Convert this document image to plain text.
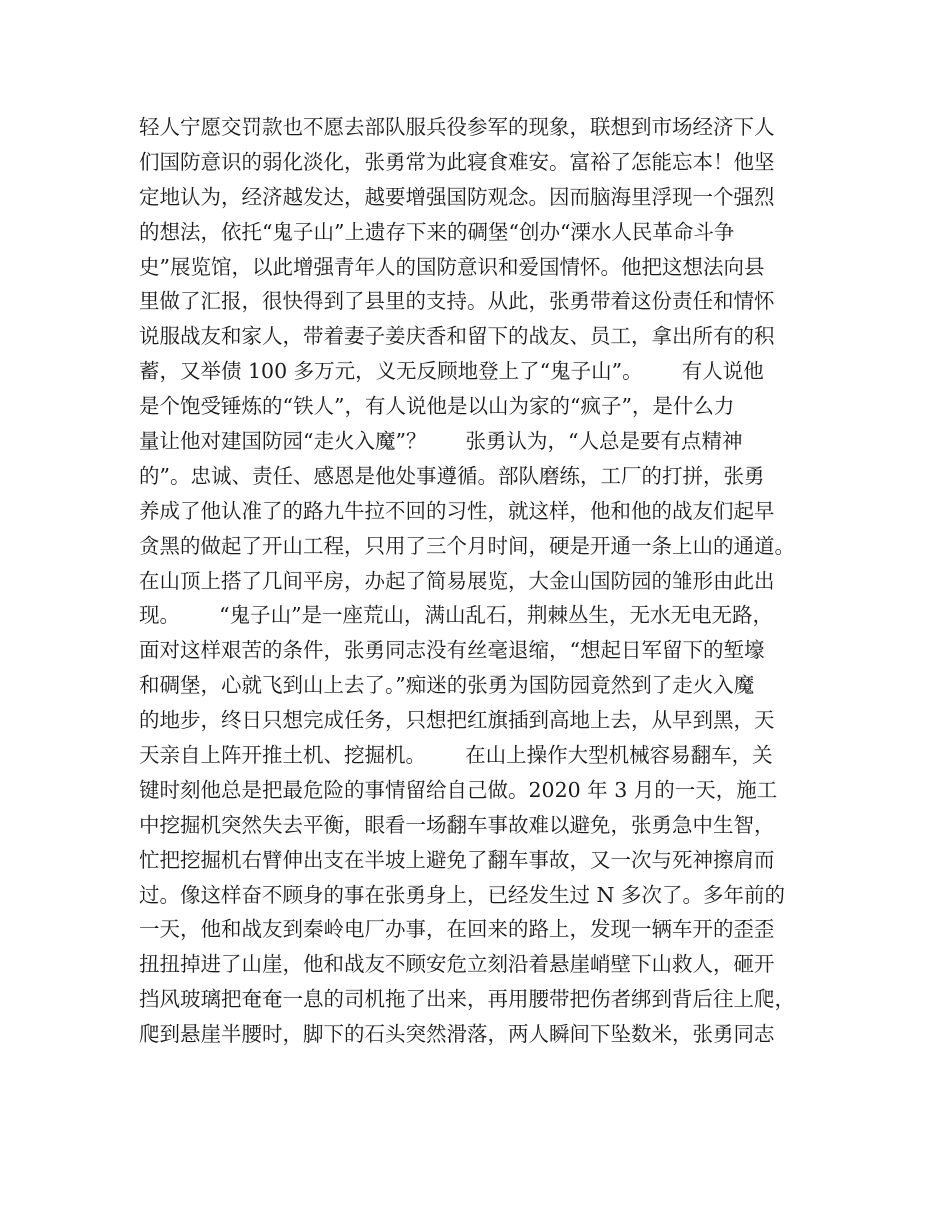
轻人宁愿交罚款也不愿去部队服兵役参军的现象，联想到市场经济下人
们国防意识的弱化淡化，张勇常为此寝食难安。富裕了怎能忘本！他坚
定地认为，经济越发达，越要增强国防观念。因而脑海里浮现一个强烈
的想法，依托“鬼子山”上遗存下来的碉堡“创办“溧水人民革命斗争
史”展览馆，以此增强青年人的国防意识和爱国情怀。他把这想法向县
里做了汇报，很快得到了县里的支持。从此，张勇带着这份责任和情怀
说服战友和家人，带着妻子姜庆香和留下的战友、员工，拿出所有的积
蓄，又举债 100 多万元，义无反顾地登上了“鬼子山”。      有人说他
是个饱受锤炼的“铁人”，有人说他是以山为家的“疯子”，是什么力
量让他对建国防园“走火入魔”？      张勇认为，“人总是要有点精神
的”。忠诚、责任、感恩是他处事遵循。部队磨练，工厂的打拼，张勇
养成了他认准了的路九牛拉不回的习性，就这样，他和他的战友们起早
贪黑的做起了开山工程，只用了三个月时间，硬是开通一条上山的通道。
在山顶上搭了几间平房，办起了简易展览，大金山国防园的雏形由此出
现。      “鬼子山”是一座荒山，满山乱石，荆棘丛生，无水无电无路，
面对这样艰苦的条件，张勇同志没有丝毫退缩，“想起日军留下的堑壕
和碉堡，心就飞到山上去了。”痴迷的张勇为国防园竟然到了走火入魔
的地步，终日只想完成任务，只想把红旗插到高地上去，从早到黑，天
天亲自上阵开推土机、挖掘机。      在山上操作大型机械容易翻车，关
键时刻他总是把最危险的事情留给自己做。2020 年 3 月的一天，施工
中挖掘机突然失去平衡，眼看一场翻车事故难以避免，张勇急中生智，
忙把挖掘机右臂伸出支在半坡上避免了翻车事故，又一次与死神擦肩而
过。像这样奋不顾身的事在张勇身上，已经发生过 N 多次了。多年前的
一天，他和战友到秦岭电厂办事，在回来的路上，发现一辆车开的歪歪
扭扭掉进了山崖，他和战友不顾安危立刻沿着悬崖峭壁下山救人，砸开
挡风玻璃把奄奄一息的司机拖了出来，再用腰带把伤者绑到背后往上爬，
爬到悬崖半腰时，脚下的石头突然滑落，两人瞬间下坠数米，张勇同志
